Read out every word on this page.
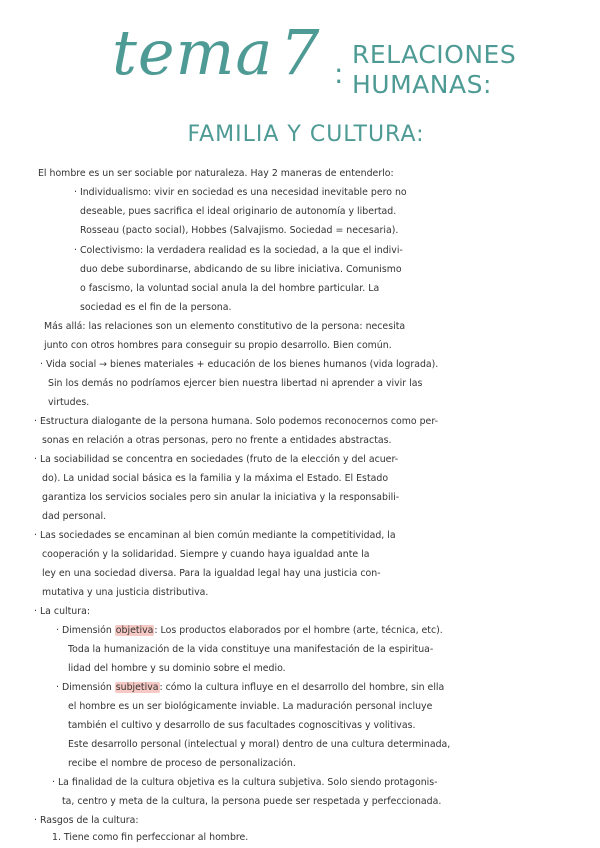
tema 7 :
RELACIONES
HUMANAS:
FAMILIA Y CULTURA:
El hombre es un ser sociable por naturaleza. Hay 2 maneras de entenderlo:
· Individualismo: vivir en sociedad es una necesidad inevitable pero no
deseable, pues sacrifica el ideal originario de autonomía y libertad.
Rosseau (pacto social), Hobbes (Salvajismo. Sociedad = necesaria).
· Colectivismo: la verdadera realidad es la sociedad, a la que el indivi-
duo debe subordinarse, abdicando de su libre iniciativa. Comunismo
o fascismo, la voluntad social anula la del hombre particular. La
sociedad es el fin de la persona.
Más allá: las relaciones son un elemento constitutivo de la persona: necesita
junto con otros hombres para conseguir su propio desarrollo. Bien común.
· Vida social → bienes materiales + educación de los bienes humanos (vida lograda).
Sin los demás no podríamos ejercer bien nuestra libertad ni aprender a vivir las
virtudes.
· Estructura dialogante de la persona humana. Solo podemos reconocernos como per-
sonas en relación a otras personas, pero no frente a entidades abstractas.
· La sociabilidad se concentra en sociedades (fruto de la elección y del acuer-
do). La unidad social básica es la familia y la máxima el Estado. El Estado
garantiza los servicios sociales pero sin anular la iniciativa y la responsabili-
dad personal.
· Las sociedades se encaminan al bien común mediante la competitividad, la
cooperación y la solidaridad. Siempre y cuando haya igualdad ante la
ley en una sociedad diversa. Para la igualdad legal hay una justicia con-
mutativa y una justicia distributiva.
· La cultura:
· Dimensión objetiva: Los productos elaborados por el hombre (arte, técnica, etc).
Toda la humanización de la vida constituye una manifestación de la espiritua-
lidad del hombre y su dominio sobre el medio.
· Dimensión subjetiva: cómo la cultura influye en el desarrollo del hombre, sin ella
el hombre es un ser biológicamente inviable. La maduración personal incluye
también el cultivo y desarrollo de sus facultades cognoscitivas y volitivas.
Este desarrollo personal (intelectual y moral) dentro de una cultura determinada,
recibe el nombre de proceso de personalización.
· La finalidad de la cultura objetiva es la cultura subjetiva. Solo siendo protagonis-
ta, centro y meta de la cultura, la persona puede ser respetada y perfeccionada.
· Rasgos de la cultura:
1. Tiene como fin perfeccionar al hombre.
